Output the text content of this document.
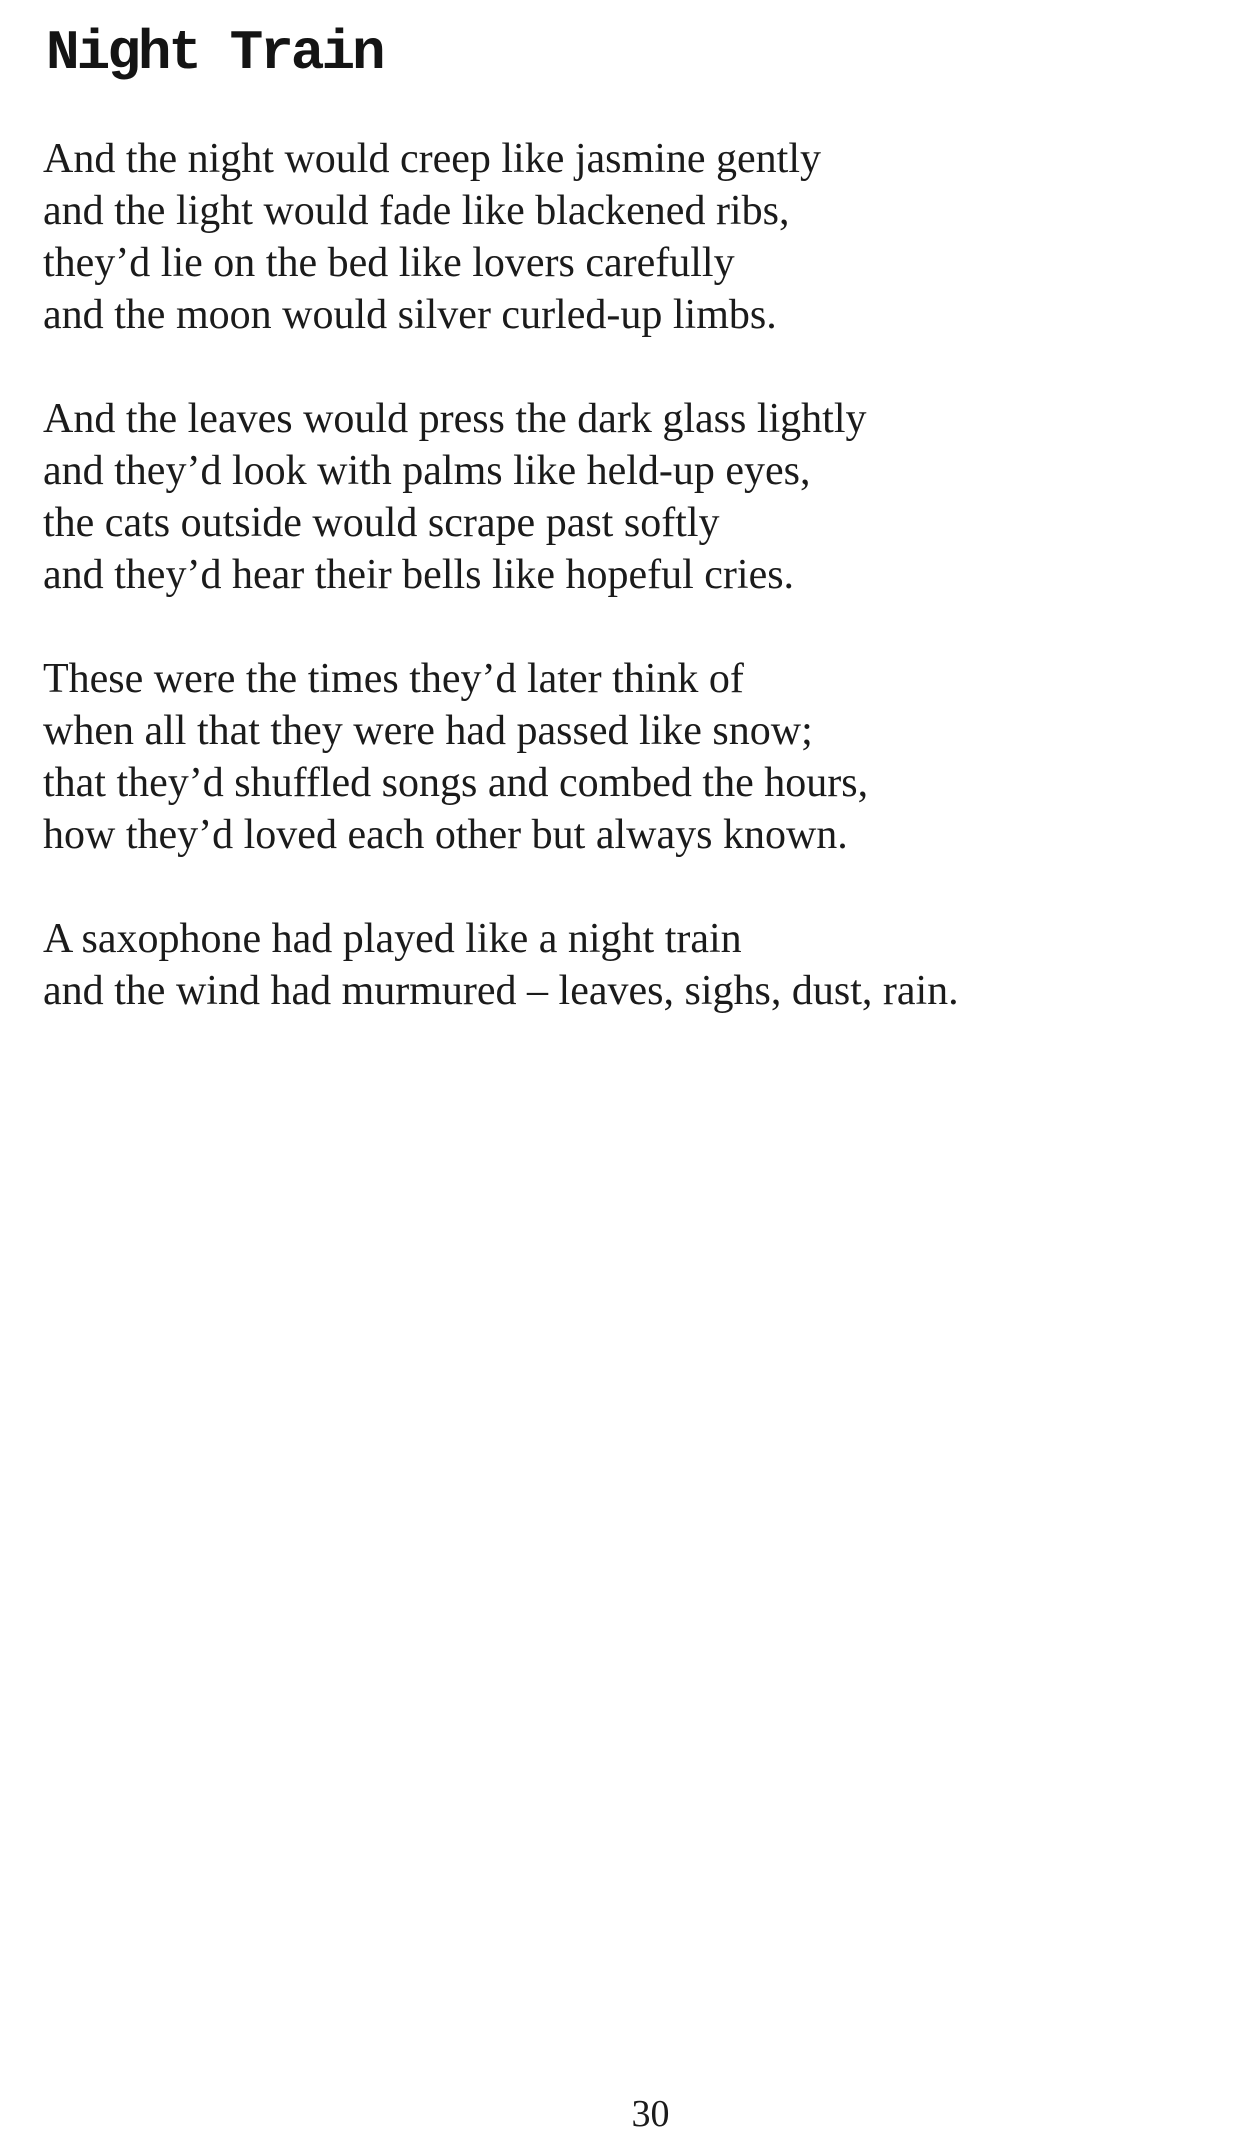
Night Train
And the night would creep like jasmine gently
and the light would fade like blackened ribs,
they’d lie on the bed like lovers carefully
and the moon would silver curled-up limbs.
And the leaves would press the dark glass lightly
and they’d look with palms like held-up eyes,
the cats outside would scrape past softly
and they’d hear their bells like hopeful cries.
These were the times they’d later think of
when all that they were had passed like snow;
that they’d shuffled songs and combed the hours,
how they’d loved each other but always known.
A saxophone had played like a night train
and the wind had murmured – leaves, sighs, dust, rain.
30
